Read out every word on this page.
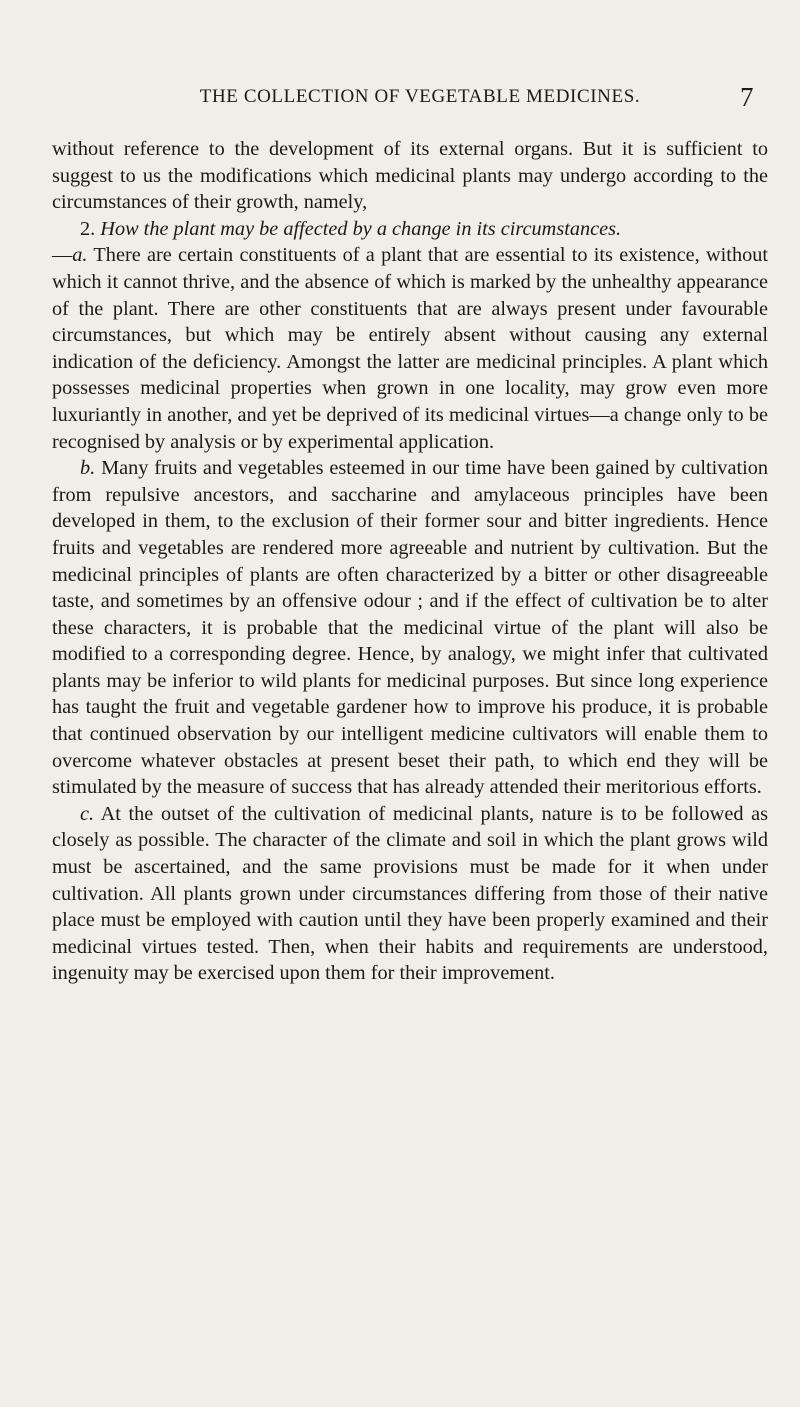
THE COLLECTION OF VEGETABLE MEDICINES.	7

without reference to the development of its external organs. But it is sufficient to suggest to us the modifications which medicinal plants may undergo according to the circumstances of their growth, namely,

2. How the plant may be affected by a change in its circumstances.
—a. There are certain constituents of a plant that are essential to its existence, without which it cannot thrive, and the absence of which is marked by the unhealthy appearance of the plant. There are other constituents that are always present under favourable circumstances, but which may be entirely absent without causing any external indication of the deficiency. Amongst the latter are medicinal principles. A plant which possesses medicinal properties when grown in one locality, may grow even more luxuriantly in another, and yet be deprived of its medicinal virtues—a change only to be recognised by analysis or by experimental application.

b. Many fruits and vegetables esteemed in our time have been gained by cultivation from repulsive ancestors, and saccharine and amylaceous principles have been developed in them, to the exclusion of their former sour and bitter ingredients. Hence fruits and vegetables are rendered more agreeable and nutrient by cultivation. But the medicinal principles of plants are often characterized by a bitter or other disagreeable taste, and sometimes by an offensive odour ; and if the effect of cultivation be to alter these characters, it is probable that the medicinal virtue of the plant will also be modified to a corresponding degree. Hence, by analogy, we might infer that cultivated plants may be inferior to wild plants for medicinal purposes. But since long experience has taught the fruit and vegetable gardener how to improve his produce, it is probable that continued observation by our intelligent medicine cultivators will enable them to overcome whatever obstacles at present beset their path, to which end they will be stimulated by the measure of success that has already attended their meritorious efforts.

c. At the outset of the cultivation of medicinal plants, nature is to be followed as closely as possible. The character of the climate and soil in which the plant grows wild must be ascertained, and the same provisions must be made for it when under cultivation. All plants grown under circumstances differing from those of their native place must be employed with caution until they have been properly examined and their medicinal virtues tested. Then, when their habits and requirements are understood, ingenuity may be exercised upon them for their improvement.
